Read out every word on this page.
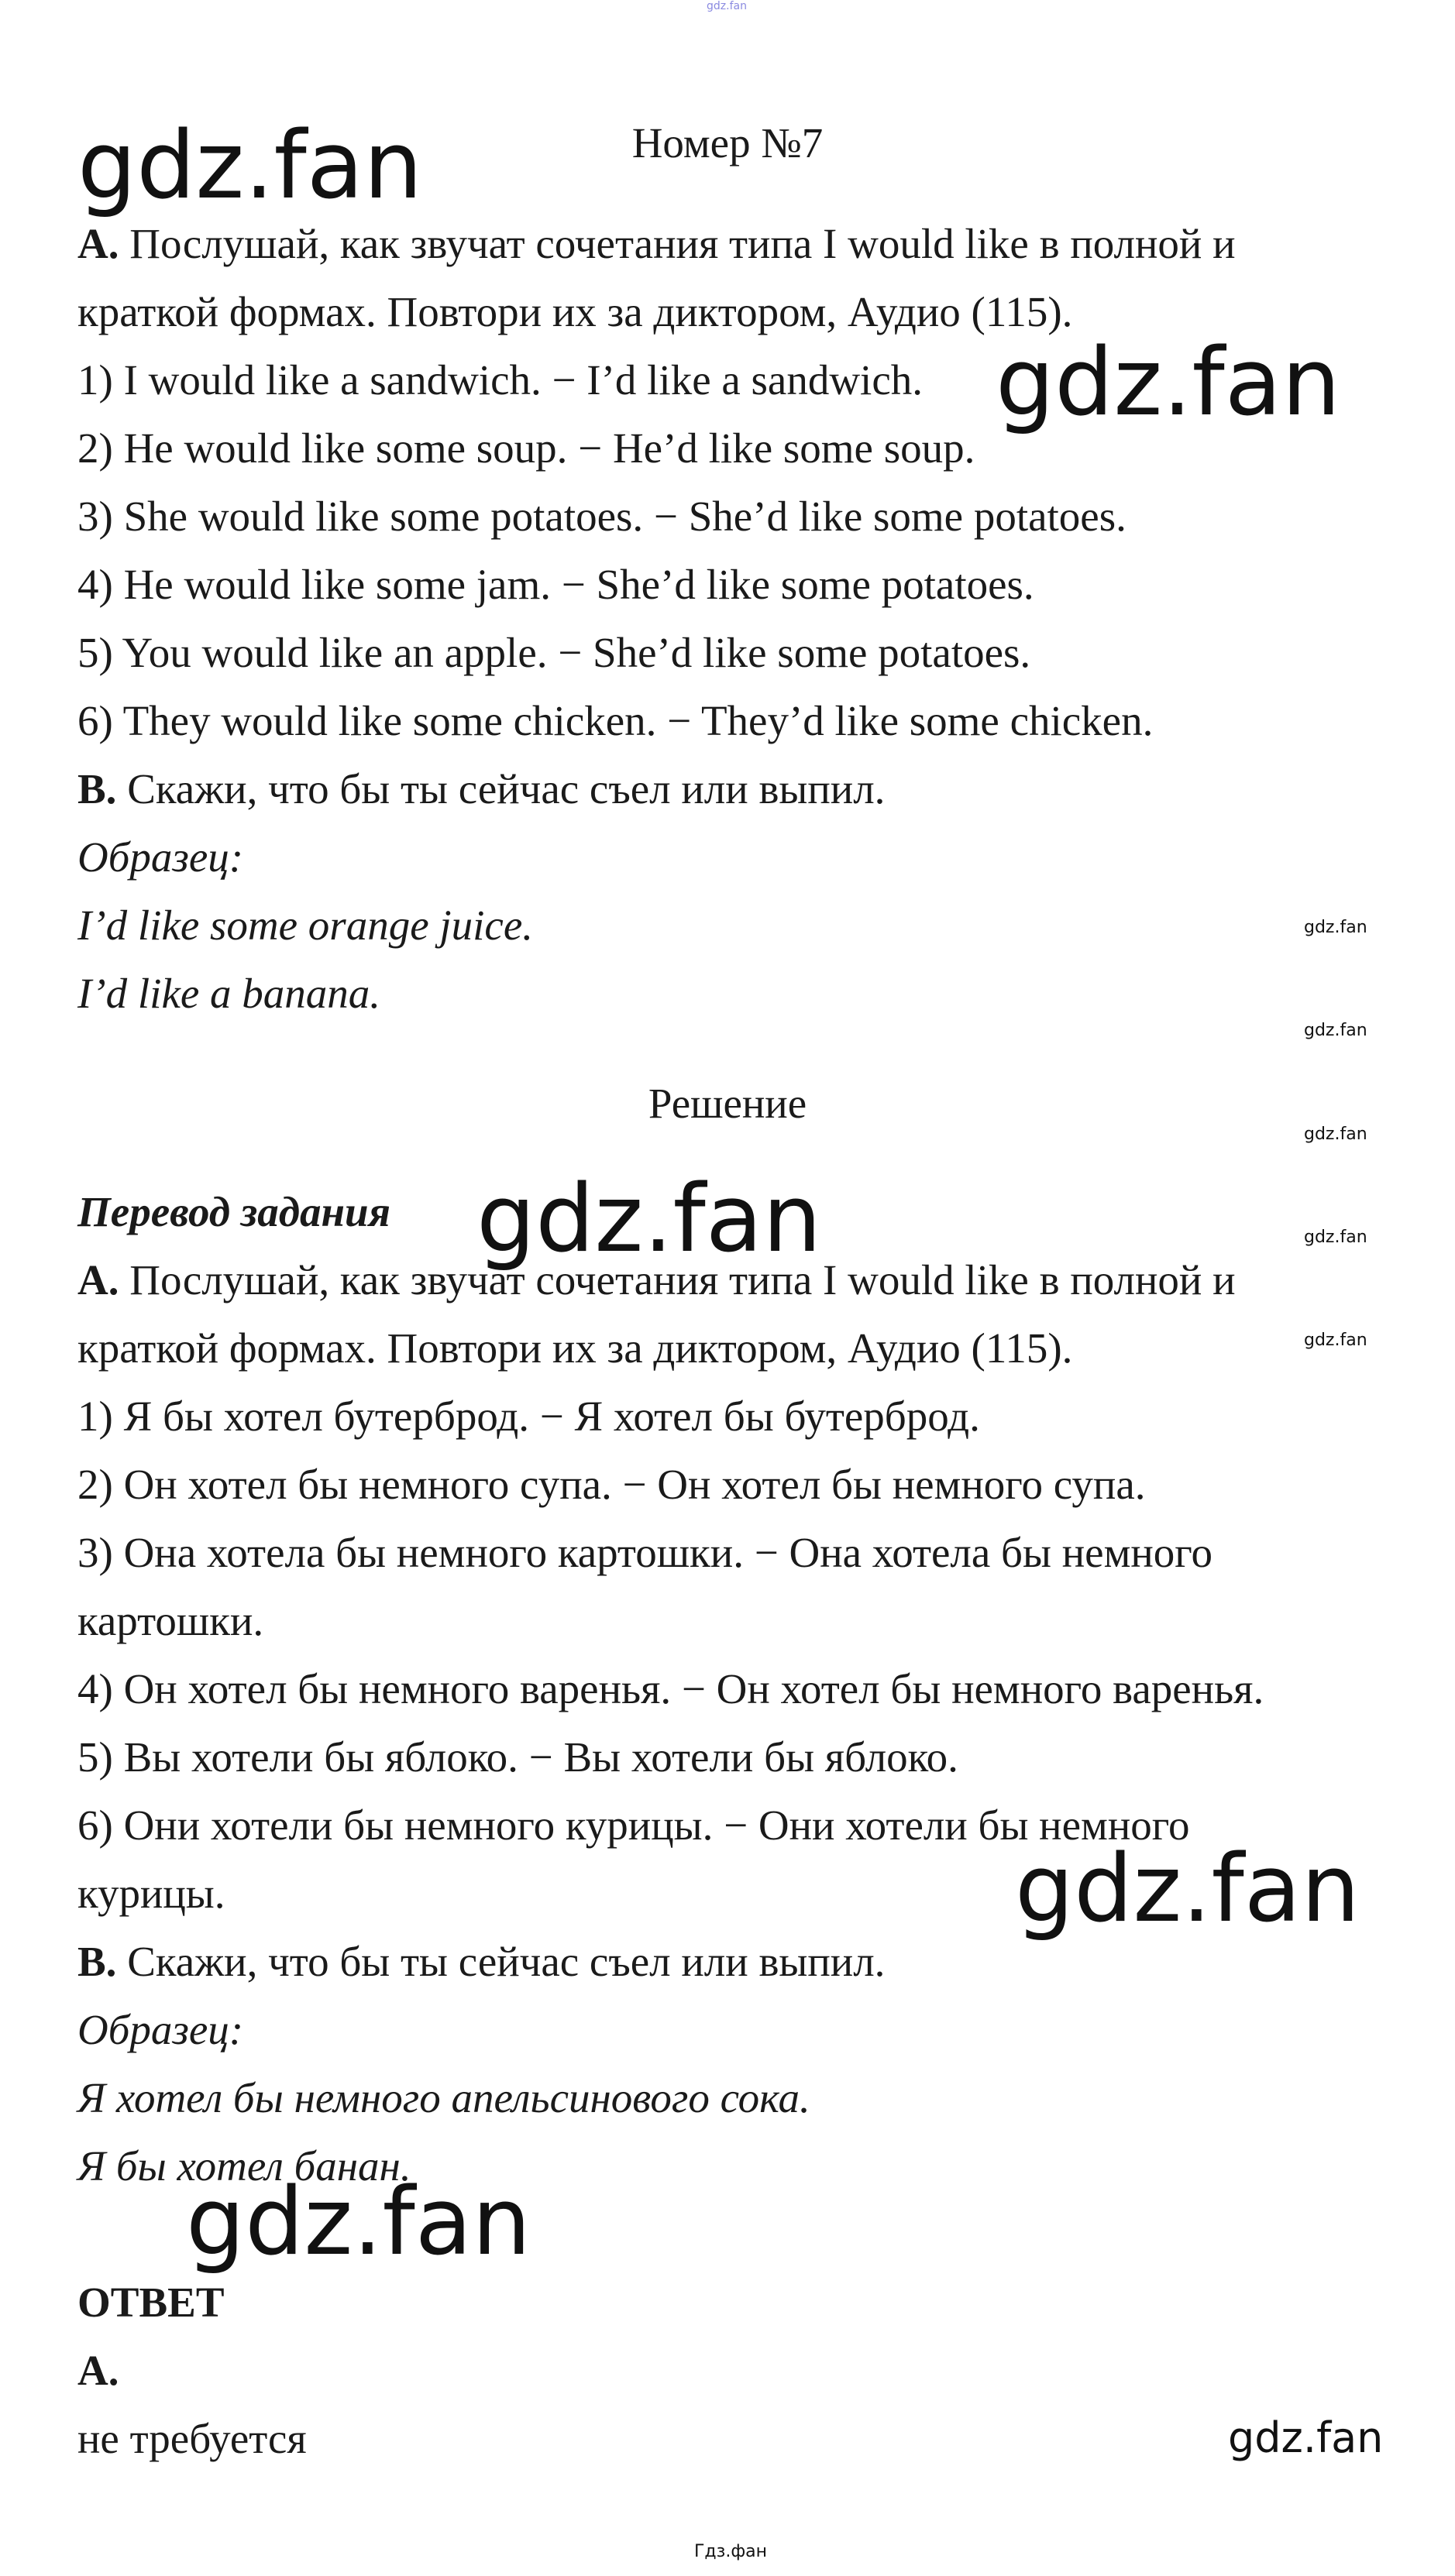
gdz.fan
Номер №7
A. Послушай, как звучат сочетания типа I would like в полной и
краткой формах. Повтори их за диктором, Аудио (115).
1) I would like a sandwich. − I’d like a sandwich.
2) He would like some soup. − He’d like some soup.
3) She would like some potatoes. − She’d like some potatoes.
4) He would like some jam. − She’d like some potatoes.
5) You would like an apple. − She’d like some potatoes.
6) They would like some chicken. − They’d like some chicken.
B. Скажи, что бы ты сейчас съел или выпил.
Образец:
I’d like some orange juice.
I’d like a banana.
Решение
Перевод задания
A. Послушай, как звучат сочетания типа I would like в полной и
краткой формах. Повтори их за диктором, Аудио (115).
1) Я бы хотел бутерброд. − Я хотел бы бутерброд.
2) Он хотел бы немного супа. − Он хотел бы немного супа.
3) Она хотела бы немного картошки. − Она хотела бы немного
картошки.
4) Он хотел бы немного варенья. − Он хотел бы немного варенья.
5) Вы хотели бы яблоко. − Вы хотели бы яблоко.
6) Они хотели бы немного курицы. − Они хотели бы немного
курицы.
B. Скажи, что бы ты сейчас съел или выпил.
Образец:
Я хотел бы немного апельсинового сока.
Я бы хотел банан.
ОТВЕТ
A.
не требуется
gdz.fan
gdz.fan
gdz.fan
gdz.fan
gdz.fan
gdz.fan
gdz.fan
gdz.fan
gdz.fan
gdz.fan
gdz.fan
Гдз.фан
